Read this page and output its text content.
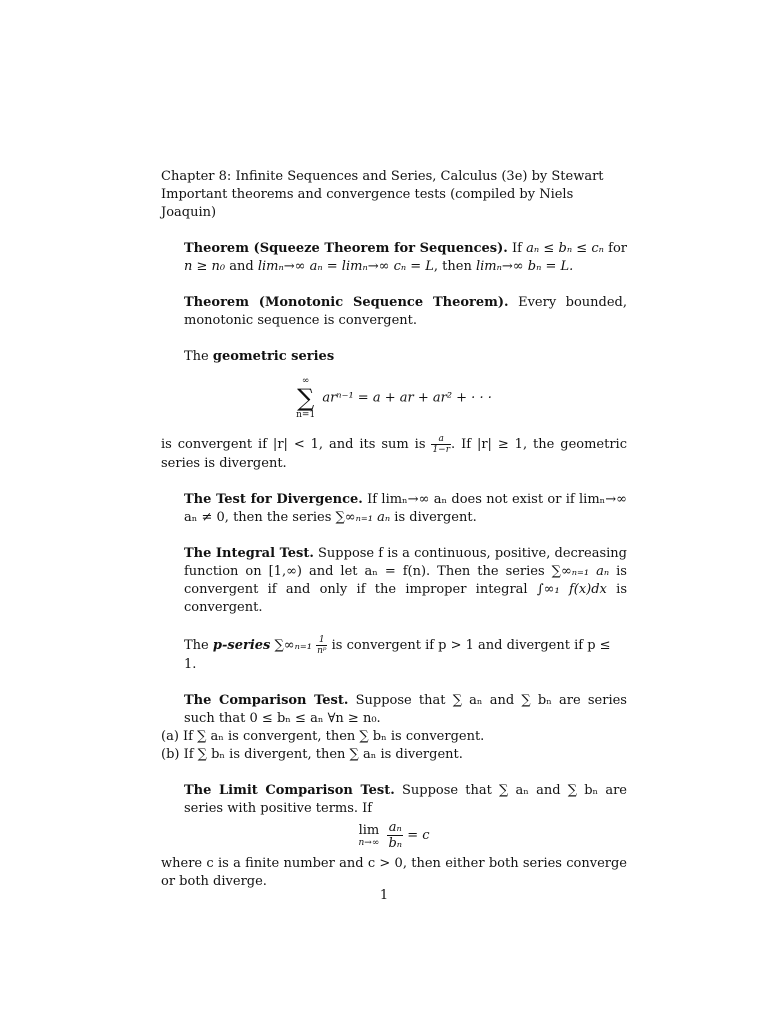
Chapter 8: Infinite Sequences and Series, Calculus (3e) by Stewart

Important theorems and convergence tests (compiled by Niels Joaquin)

Theorem (Squeeze Theorem for Sequences). If aₙ ≤ bₙ ≤ cₙ for n ≥ n₀ and limₙ→∞ aₙ = limₙ→∞ cₙ = L, then limₙ→∞ bₙ = L.

Theorem (Monotonic Sequence Theorem). Every bounded, monotonic sequence is convergent.

The geometric series

∞
∑
n=1
arⁿ⁻¹ = a + ar + ar² + · · ·

is convergent if |r| < 1, and its sum is $\frac{a}{1-r}$ . If |r| ≥ 1, the geometric series is divergent.

The Test for Divergence. If limₙ→∞ aₙ does not exist or if limₙ→∞ aₙ ≠ 0, then the series ∑∞ₙ₌₁ aₙ is divergent.

The Integral Test. Suppose f is a continuous, positive, decreasing function on [1,∞) and let aₙ = f(n). Then the series ∑∞ₙ₌₁ aₙ is convergent if and only if the improper integral ∫∞₁ f(x)dx is convergent.

The p-series $\sum\infty_{n=1} \frac{1}{\text{nᵖ}}$ is convergent if p > 1 and divergent if p ≤ 1.

The Comparison Test. Suppose that ∑ aₙ and ∑ bₙ are series such that 0 ≤ bₙ ≤ aₙ ∀n ≥ n₀.

(a) If ∑ aₙ is convergent, then ∑ bₙ is convergent.

(b) If ∑ bₙ is divergent, then ∑ aₙ is divergent.

The Limit Comparison Test. Suppose that ∑ aₙ and ∑ bₙ are series with positive terms. If

lim
n→∞
$\frac{\text{aₙ}}{\text{bₙ}} = c$

where c is a finite number and c > 0, then either both series converge or both diverge.

1
